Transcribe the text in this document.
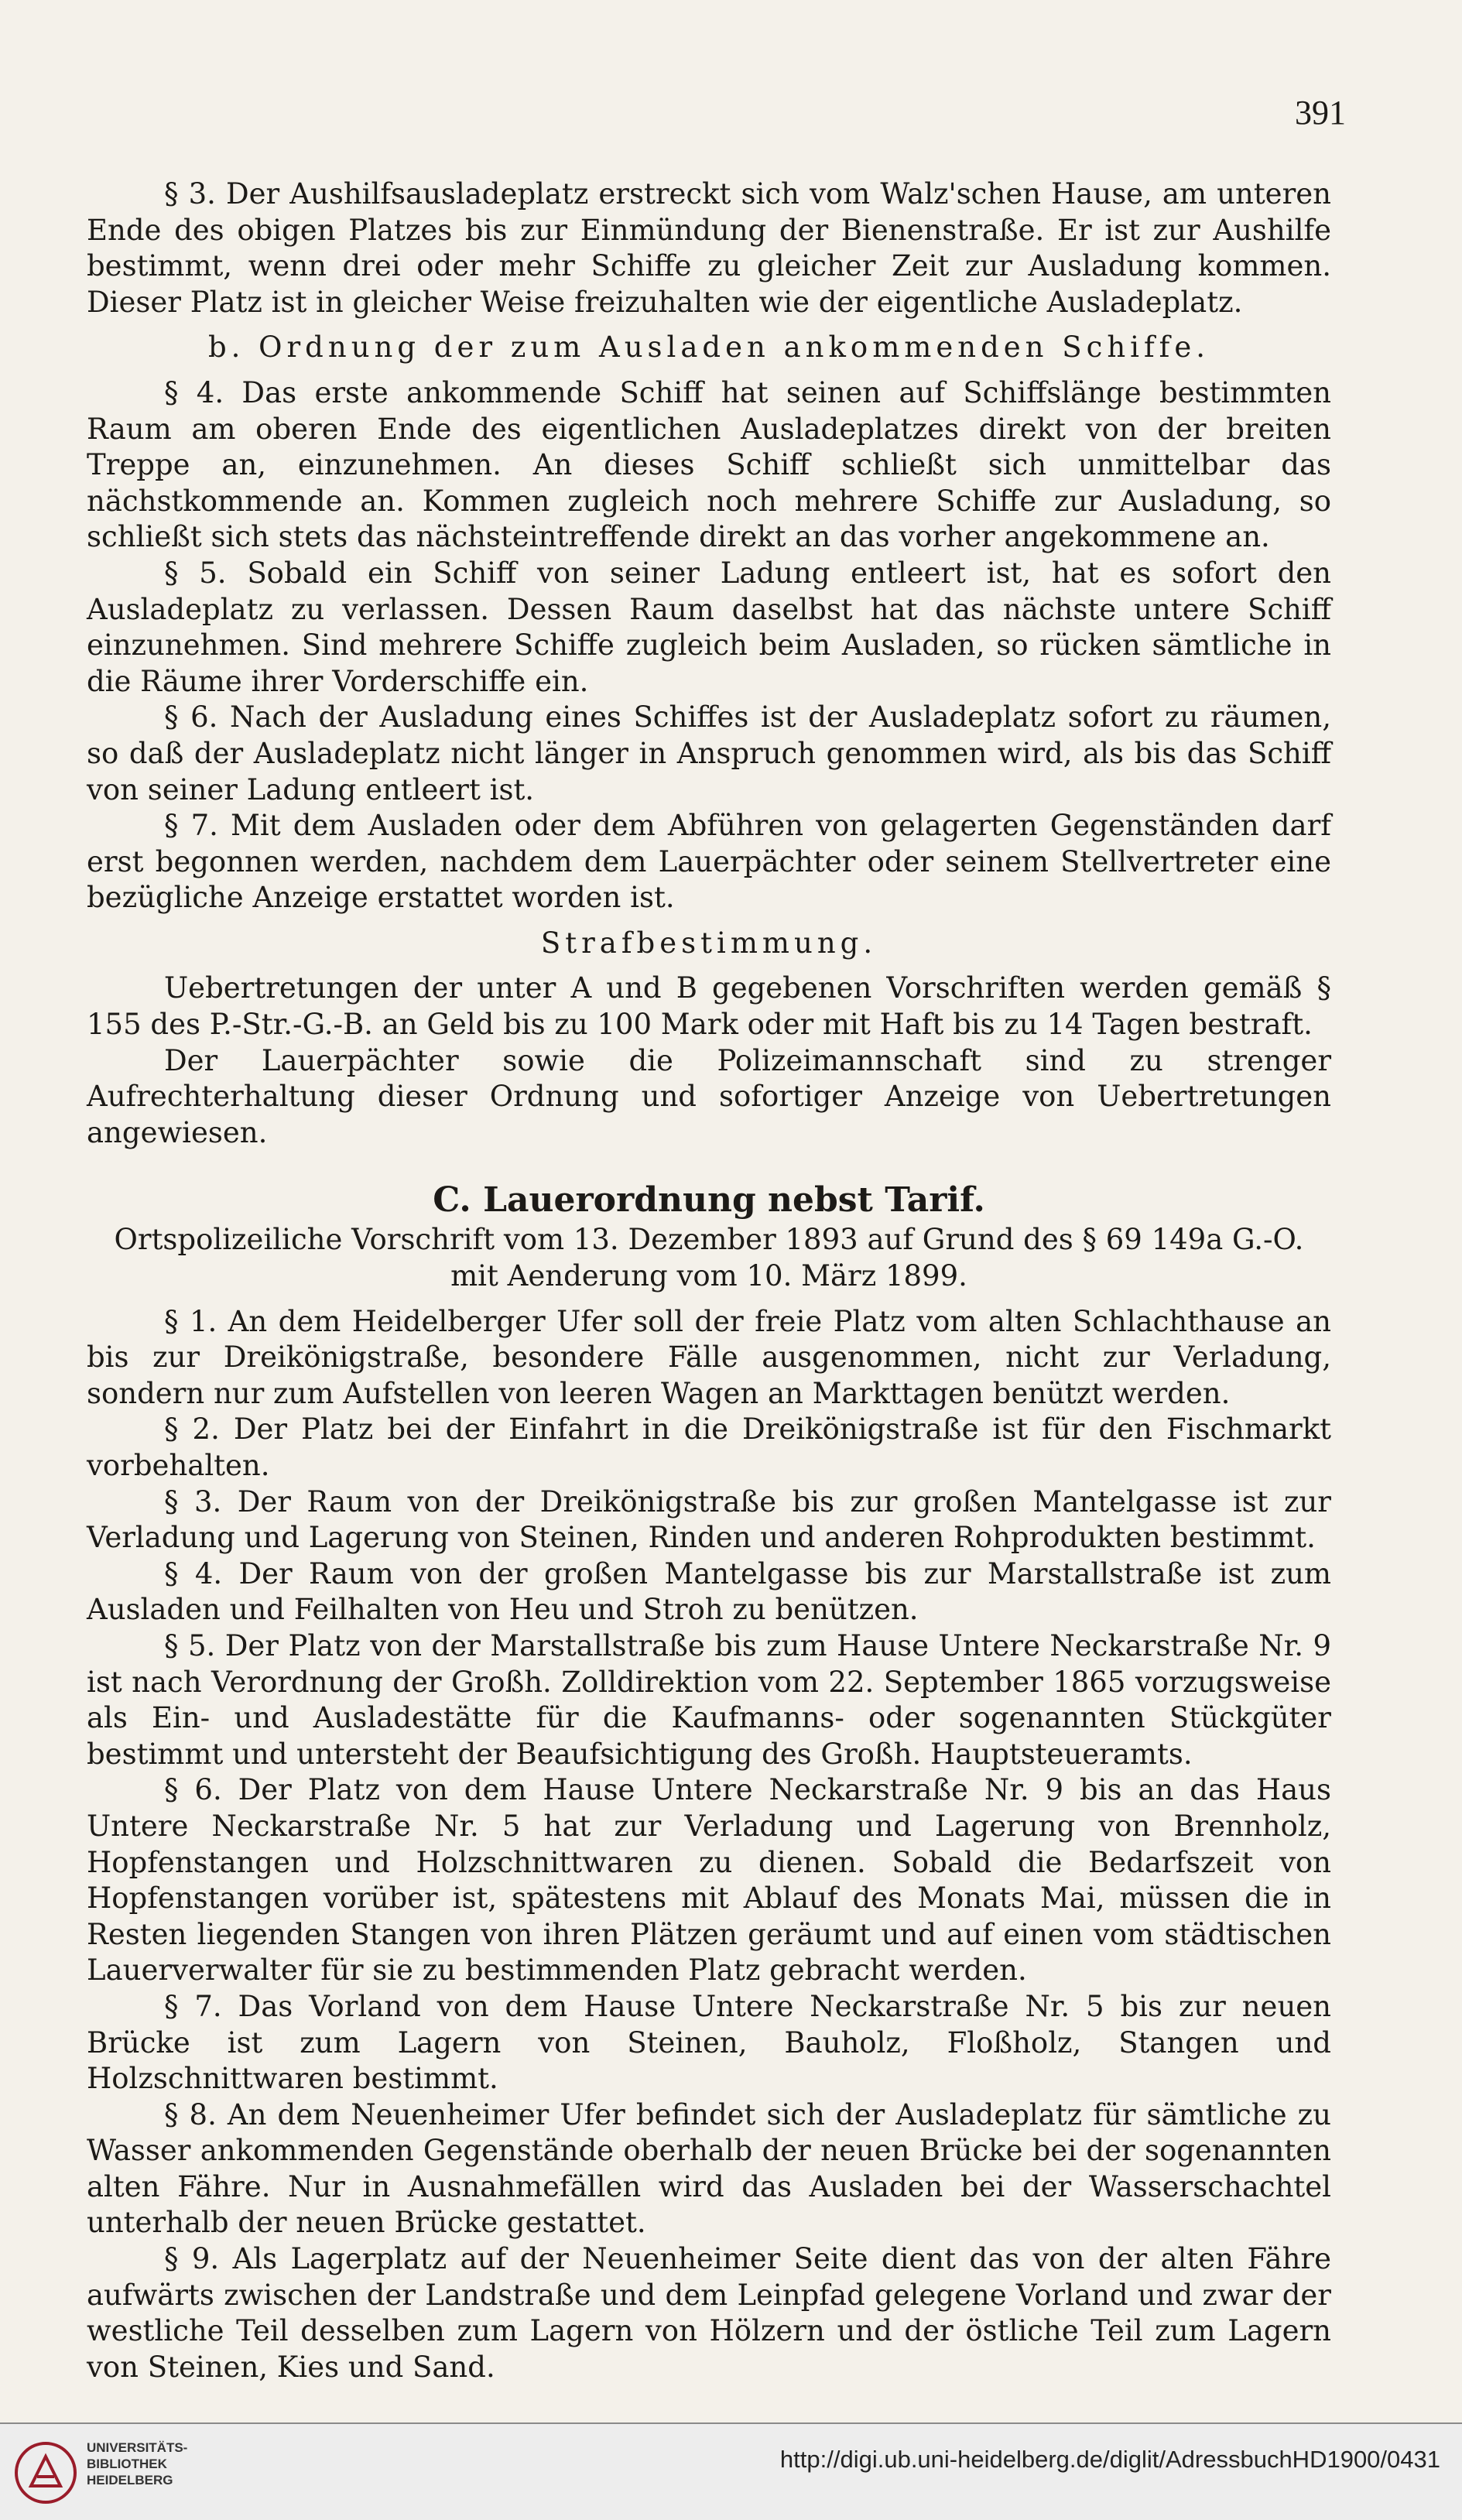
391

§ 3. Der Aushilfsausladeplatz erstreckt sich vom Walz'schen Hause, am unteren Ende des obigen Platzes bis zur Einmündung der Bienenstraße. Er ist zur Aushilfe bestimmt, wenn drei oder mehr Schiffe zu gleicher Zeit zur Ausladung kommen. Dieser Platz ist in gleicher Weise freizuhalten wie der eigentliche Ausladeplatz.

b. Ordnung der zum Ausladen ankommenden Schiffe.

§ 4. Das erste ankommende Schiff hat seinen auf Schiffslänge bestimmten Raum am oberen Ende des eigentlichen Ausladeplatzes direkt von der breiten Treppe an, einzunehmen. An dieses Schiff schließt sich unmittelbar das nächstkommende an. Kommen zugleich noch mehrere Schiffe zur Ausladung, so schließt sich stets das nächsteintreffende direkt an das vorher angekommene an.

§ 5. Sobald ein Schiff von seiner Ladung entleert ist, hat es sofort den Ausladeplatz zu verlassen. Dessen Raum daselbst hat das nächste untere Schiff einzunehmen. Sind mehrere Schiffe zugleich beim Ausladen, so rücken sämtliche in die Räume ihrer Vorderschiffe ein.

§ 6. Nach der Ausladung eines Schiffes ist der Ausladeplatz sofort zu räumen, so daß der Ausladeplatz nicht länger in Anspruch genommen wird, als bis das Schiff von seiner Ladung entleert ist.

§ 7. Mit dem Ausladen oder dem Abführen von gelagerten Gegenständen darf erst begonnen werden, nachdem dem Lauerpächter oder seinem Stellvertreter eine bezügliche Anzeige erstattet worden ist.

Strafbestimmung.

Uebertretungen der unter A und B gegebenen Vorschriften werden gemäß § 155 des P.-Str.-G.-B. an Geld bis zu 100 Mark oder mit Haft bis zu 14 Tagen bestraft.

Der Lauerpächter sowie die Polizeimannschaft sind zu strenger Aufrechterhaltung dieser Ordnung und sofortiger Anzeige von Uebertretungen angewiesen.

C. Lauerordnung nebst Tarif.

Ortspolizeiliche Vorschrift vom 13. Dezember 1893 auf Grund des § 69 149a G.-O. mit Aenderung vom 10. März 1899.

§ 1. An dem Heidelberger Ufer soll der freie Platz vom alten Schlachthause an bis zur Dreikönigstraße, besondere Fälle ausgenommen, nicht zur Verladung, sondern nur zum Aufstellen von leeren Wagen an Markttagen benützt werden.

§ 2. Der Platz bei der Einfahrt in die Dreikönigstraße ist für den Fischmarkt vorbehalten.

§ 3. Der Raum von der Dreikönigstraße bis zur großen Mantelgasse ist zur Verladung und Lagerung von Steinen, Rinden und anderen Rohprodukten bestimmt.

§ 4. Der Raum von der großen Mantelgasse bis zur Marstallstraße ist zum Ausladen und Feilhalten von Heu und Stroh zu benützen.

§ 5. Der Platz von der Marstallstraße bis zum Hause Untere Neckarstraße Nr. 9 ist nach Verordnung der Großh. Zolldirektion vom 22. September 1865 vorzugsweise als Ein- und Ausladestätte für die Kaufmanns- oder sogenannten Stückgüter bestimmt und untersteht der Beaufsichtigung des Großh. Hauptsteueramts.

§ 6. Der Platz von dem Hause Untere Neckarstraße Nr. 9 bis an das Haus Untere Neckarstraße Nr. 5 hat zur Verladung und Lagerung von Brennholz, Hopfenstangen und Holzschnittwaren zu dienen. Sobald die Bedarfszeit von Hopfenstangen vorüber ist, spätestens mit Ablauf des Monats Mai, müssen die in Resten liegenden Stangen von ihren Plätzen geräumt und auf einen vom städtischen Lauerverwalter für sie zu bestimmenden Platz gebracht werden.

§ 7. Das Vorland von dem Hause Untere Neckarstraße Nr. 5 bis zur neuen Brücke ist zum Lagern von Steinen, Bauholz, Floßholz, Stangen und Holzschnittwaren bestimmt.

§ 8. An dem Neuenheimer Ufer befindet sich der Ausladeplatz für sämtliche zu Wasser ankommenden Gegenstände oberhalb der neuen Brücke bei der sogenannten alten Fähre. Nur in Ausnahmefällen wird das Ausladen bei der Wasserschachtel unterhalb der neuen Brücke gestattet.

§ 9. Als Lagerplatz auf der Neuenheimer Seite dient das von der alten Fähre aufwärts zwischen der Landstraße und dem Leinpfad gelegene Vorland und zwar der westliche Teil desselben zum Lagern von Hölzern und der östliche Teil zum Lagern von Steinen, Kies und Sand.

UNIVERSITÄTS-
BIBLIOTHEK
HEIDELBERG
http://digi.ub.uni-heidelberg.de/diglit/AdressbuchHD1900/0431
